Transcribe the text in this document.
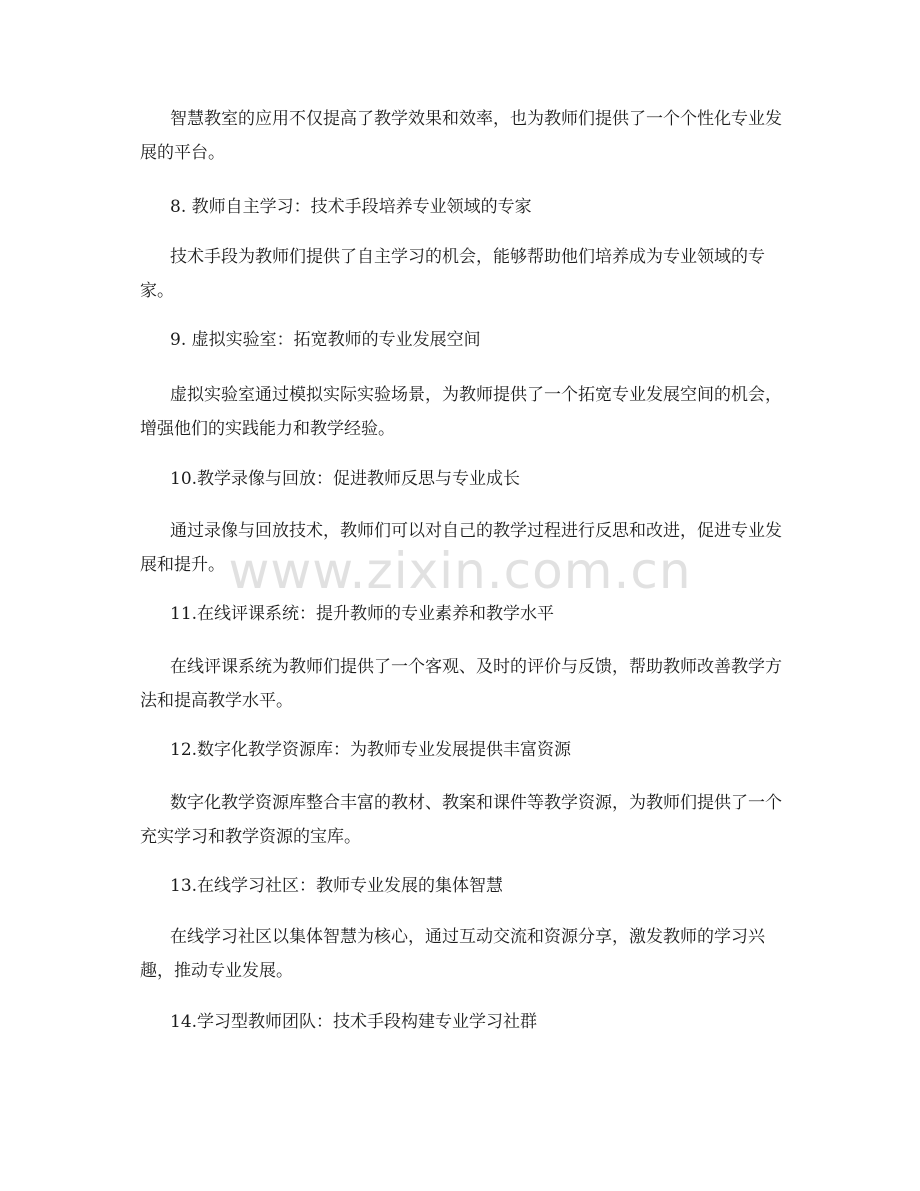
智慧教室的应用不仅提高了教学效果和效率，也为教师们提供了一个个性化专业发展的平台。

8. 教师自主学习：技术手段培养专业领域的专家

技术手段为教师们提供了自主学习的机会，能够帮助他们培养成为专业领域的专家。

9. 虚拟实验室：拓宽教师的专业发展空间

虚拟实验室通过模拟实际实验场景，为教师提供了一个拓宽专业发展空间的机会，增强他们的实践能力和教学经验。

10.教学录像与回放：促进教师反思与专业成长

通过录像与回放技术，教师们可以对自己的教学过程进行反思和改进，促进专业发展和提升。

11.在线评课系统：提升教师的专业素养和教学水平

在线评课系统为教师们提供了一个客观、及时的评价与反馈，帮助教师改善教学方法和提高教学水平。

12.数字化教学资源库：为教师专业发展提供丰富资源

数字化教学资源库整合丰富的教材、教案和课件等教学资源，为教师们提供了一个充实学习和教学资源的宝库。

13.在线学习社区：教师专业发展的集体智慧

在线学习社区以集体智慧为核心，通过互动交流和资源分享，激发教师的学习兴趣，推动专业发展。

14.学习型教师团队：技术手段构建专业学习社群

www.zixin.com.cn
